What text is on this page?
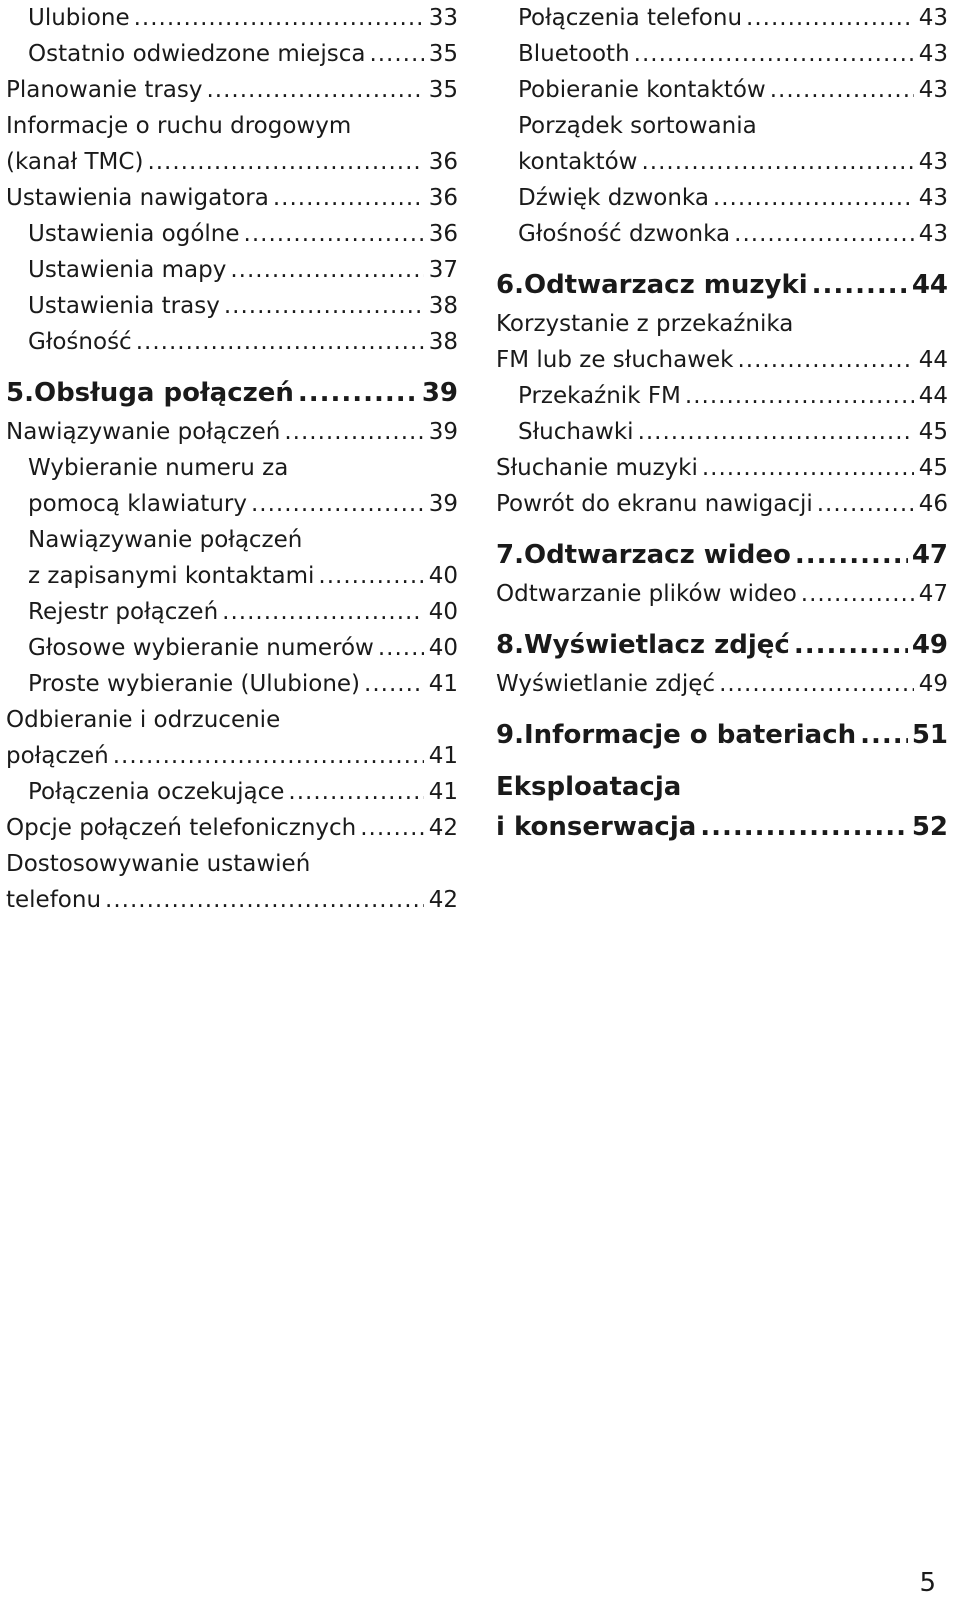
Ulubione .....	33
Ostatnio odwiedzone miejsca .....	35
Planowanie trasy .....	35
Informacje o ruchu drogowym
(kanał TMC) .....	36
Ustawienia nawigatora .....	36
Ustawienia ogólne .....	36
Ustawienia mapy .....	37
Ustawienia trasy .....	38
Głośność .....	38
5. Obsługa połączeń .....	39
Nawiązywanie połączeń .....	39
Wybieranie numeru za
pomocą klawiatury .....	39
Nawiązywanie połączeń
z zapisanymi kontaktami .....	40
Rejestr połączeń .....	40
Głosowe wybieranie numerów ..... 40
Proste wybieranie (Ulubione) .....	41
Odbieranie i odrzucenie
połączeń .....	41
Połączenia oczekujące .....	41
Opcje połączeń telefonicznych .....	42
Dostosowywanie ustawień
telefonu .....	42
Połączenia telefonu .....	43
Bluetooth .....	43
Pobieranie kontaktów .....	43
Porządek sortowania
kontaktów .....	43
Dźwięk dzwonka .....	43
Głośność dzwonka .....	43
6. Odtwarzacz muzyki .....	44
Korzystanie z przekaźnika
FM lub ze słuchawek .....	44
Przekaźnik FM .....	44
Słuchawki .....	45
Słuchanie muzyki .....	45
Powrót do ekranu nawigacji .....	46
7. Odtwarzacz wideo .....	47
Odtwarzanie plików wideo .....	47
8. Wyświetlacz zdjęć .....	49
Wyświetlanie zdjęć .....	49
9. Informacje o bateriach ..... 51
Eksploatacja
i konserwacja .....	52
5
